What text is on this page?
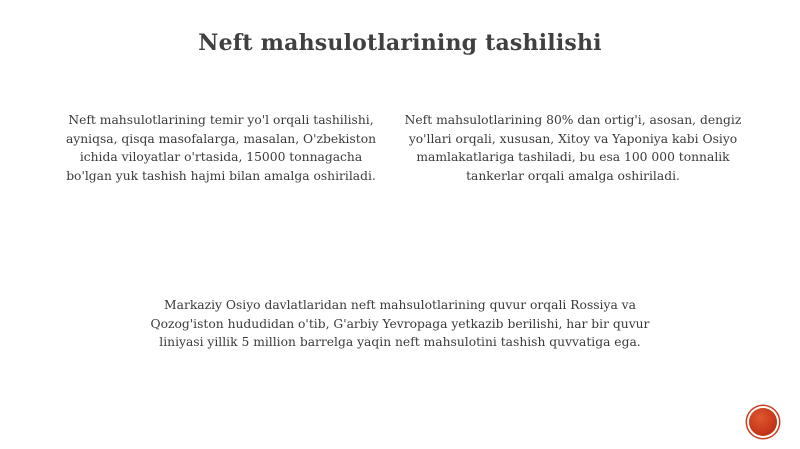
Neft mahsulotlarining tashilishi
Neft mahsulotlarining temir yo'l orqali tashilishi, ayniqsa, qisqa masofalarga, masalan, O'zbekiston ichida viloyatlar o'rtasida, 15000 tonnagacha bo'lgan yuk tashish hajmi bilan amalga oshiriladi.
Neft mahsulotlarining 80% dan ortig'i, asosan, dengiz yo'llari orqali, xususan, Xitoy va Yaponiya kabi Osiyo mamlakatlariga tashiladi, bu esa 100 000 tonnalik tankerlar orqali amalga oshiriladi.
Markaziy Osiyo davlatlaridan neft mahsulotlarining quvur orqali Rossiya va Qozog'iston hududidan o'tib, G'arbiy Yevropaga yetkazib berilishi, har bir quvur liniyasi yillik 5 million barrelga yaqin neft mahsulotini tashish quvvatiga ega.
